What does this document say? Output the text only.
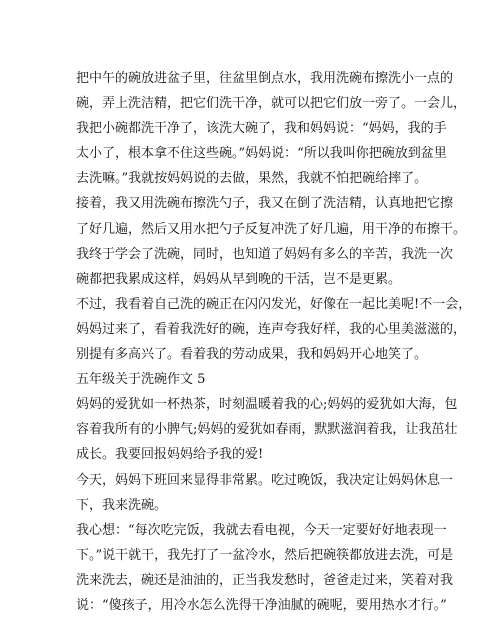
把中午的碗放进盆子里，往盆里倒点水，我用洗碗布擦洗小一点的
碗，弄上洗洁精，把它们洗干净，就可以把它们放一旁了。一会儿，
我把小碗都洗干净了，该洗大碗了，我和妈妈说：“妈妈，我的手
太小了，根本拿不住这些碗。”妈妈说：“所以我叫你把碗放到盆里
去洗嘛。”我就按妈妈说的去做，果然，我就不怕把碗给摔了。
接着，我又用洗碗布擦洗勺子，我又在倒了洗洁精，认真地把它擦
了好几遍，然后又用水把勺子反复冲洗了好几遍，用干净的布擦干。
我终于学会了洗碗，同时，也知道了妈妈有多么的辛苦，我洗一次
碗都把我累成这样，妈妈从早到晚的干活，岂不是更累。
不过，我看着自己洗的碗正在闪闪发光，好像在一起比美呢!不一会，
妈妈过来了，看着我洗好的碗，连声夸我好样，我的心里美滋滋的，
别提有多高兴了。看着我的劳动成果，我和妈妈开心地笑了。
五年级关于洗碗作文 5
妈妈的爱犹如一杯热茶，时刻温暖着我的心;妈妈的爱犹如大海，包
容着我所有的小脾气;妈妈的爱犹如春雨，默默滋润着我，让我茁壮
成长。我要回报妈妈给予我的爱!
今天，妈妈下班回来显得非常累。吃过晚饭，我决定让妈妈休息一
下，我来洗碗。
我心想：“每次吃完饭，我就去看电视，今天一定要好好地表现一
下。”说干就干，我先打了一盆冷水，然后把碗筷都放进去洗，可是
洗来洗去，碗还是油油的，正当我发愁时，爸爸走过来，笑着对我
说：“傻孩子，用冷水怎么洗得干净油腻的碗呢，要用热水才行。”
